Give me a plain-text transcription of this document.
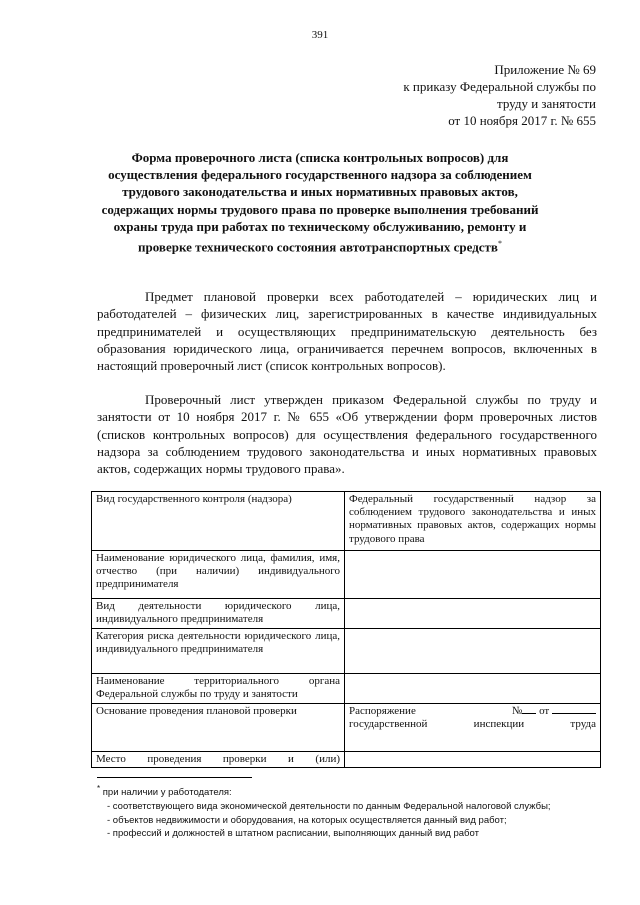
391
Приложение № 69
к приказу Федеральной службы по
труду и занятости
от 10 ноября 2017 г. № 655
Форма проверочного листа (списка контрольных вопросов) для осуществления федерального государственного надзора за соблюдением трудового законодательства и иных нормативных правовых актов, содержащих нормы трудового права по проверке выполнения требований охраны труда при работах по техническому обслуживанию, ремонту и проверке технического состояния автотранспортных средств*
Предмет плановой проверки всех работодателей – юридических лиц и работодателей – физических лиц, зарегистрированных в качестве индивидуальных предпринимателей и осуществляющих предпринимательскую деятельность без образования юридического лица, ограничивается перечнем вопросов, включенных в настоящий проверочный лист (список контрольных вопросов).
Проверочный лист утвержден приказом Федеральной службы по труду и занятости от 10 ноября 2017 г. № 655 «Об утверждении форм проверочных листов (списков контрольных вопросов) для осуществления федерального государственного надзора за соблюдением трудового законодательства и иных нормативных правовых актов, содержащих нормы трудового права».
Вид государственного контроля (надзора)	Федеральный государственный надзор за соблюдением трудового законодательства и иных нормативных правовых актов, содержащих нормы трудового права
Наименование юридического лица, фамилия, имя, отчество (при наличии) индивидуального предпринимателя	
Вид деятельности юридического лица, индивидуального предпринимателя	
Категория риска деятельности юридического лица, индивидуального предпринимателя	
Наименование территориального органа Федеральной службы по труду и занятости	
Основание проведения плановой проверки	Распоряжение № от
государственной инспекции труда

Место проведения проверки и (или)	
* при наличии у работодателя:
- соответствующего вида экономической деятельности по данным Федеральной налоговой службы;
- объектов недвижимости и оборудования, на которых осуществляется данный вид работ;
- профессий и должностей в штатном расписании, выполняющих данный вид работ
